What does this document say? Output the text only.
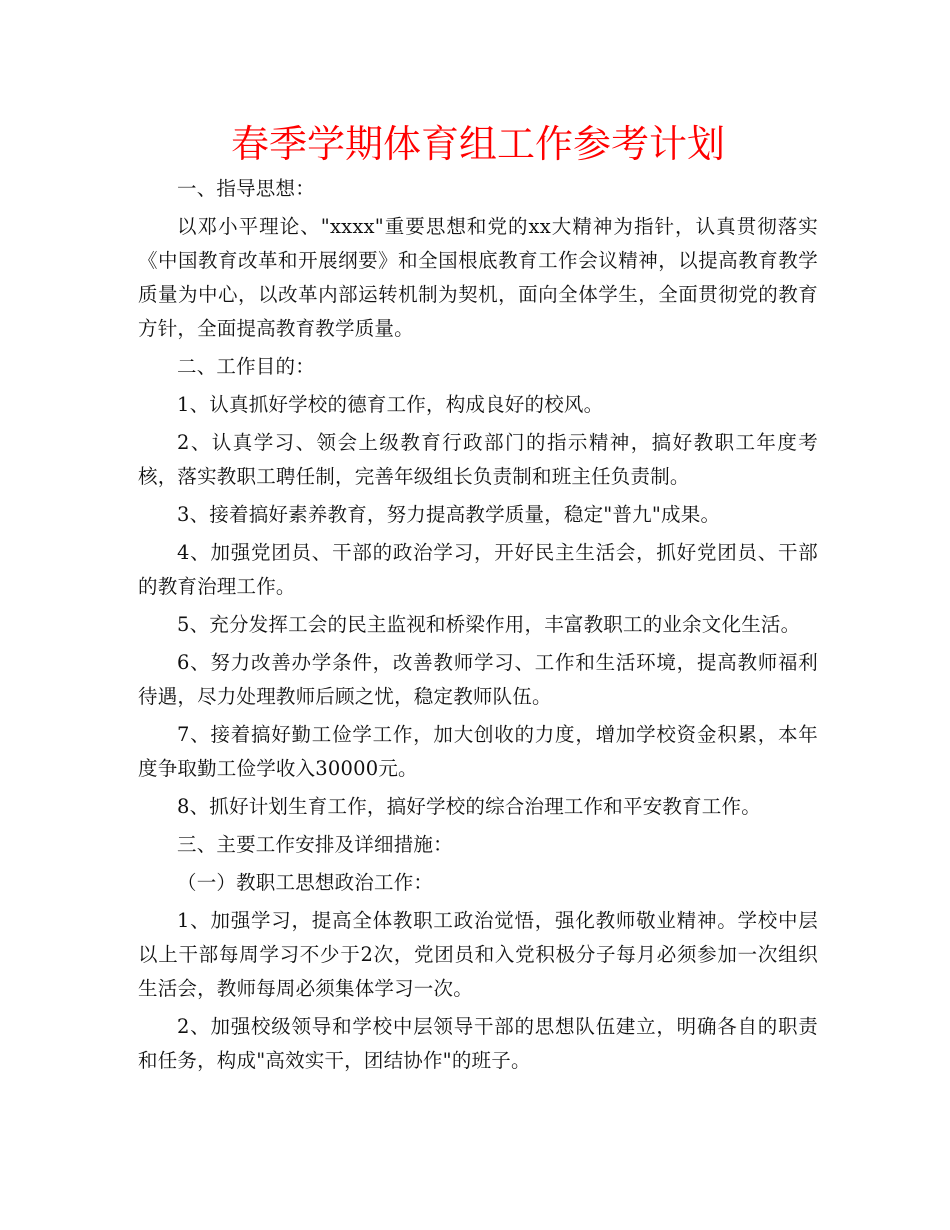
春季学期体育组工作参考计划

一、指导思想：

以邓小平理论、"xxxx"重要思想和党的xx大精神为指针，认真贯彻落实《中国教育改革和开展纲要》和全国根底教育工作会议精神，以提高教育教学质量为中心，以改革内部运转机制为契机，面向全体学生，全面贯彻党的教育方针，全面提高教育教学质量。

二、工作目的：

1、认真抓好学校的德育工作，构成良好的校风。

2、认真学习、领会上级教育行政部门的指示精神，搞好教职工年度考核，落实教职工聘任制，完善年级组长负责制和班主任负责制。

3、接着搞好素养教育，努力提高教学质量，稳定"普九"成果。

4、加强党团员、干部的政治学习，开好民主生活会，抓好党团员、干部的教育治理工作。

5、充分发挥工会的民主监视和桥梁作用，丰富教职工的业余文化生活。

6、努力改善办学条件，改善教师学习、工作和生活环境，提高教师福利待遇，尽力处理教师后顾之忧，稳定教师队伍。

7、接着搞好勤工俭学工作，加大创收的力度，增加学校资金积累，本年度争取勤工俭学收入30000元。

8、抓好计划生育工作，搞好学校的综合治理工作和平安教育工作。

三、主要工作安排及详细措施：

（一）教职工思想政治工作：

1、加强学习，提高全体教职工政治觉悟，强化教师敬业精神。学校中层以上干部每周学习不少于2次，党团员和入党积极分子每月必须参加一次组织生活会，教师每周必须集体学习一次。

2、加强校级领导和学校中层领导干部的思想队伍建立，明确各自的职责和任务，构成"高效实干，团结协作"的班子。
